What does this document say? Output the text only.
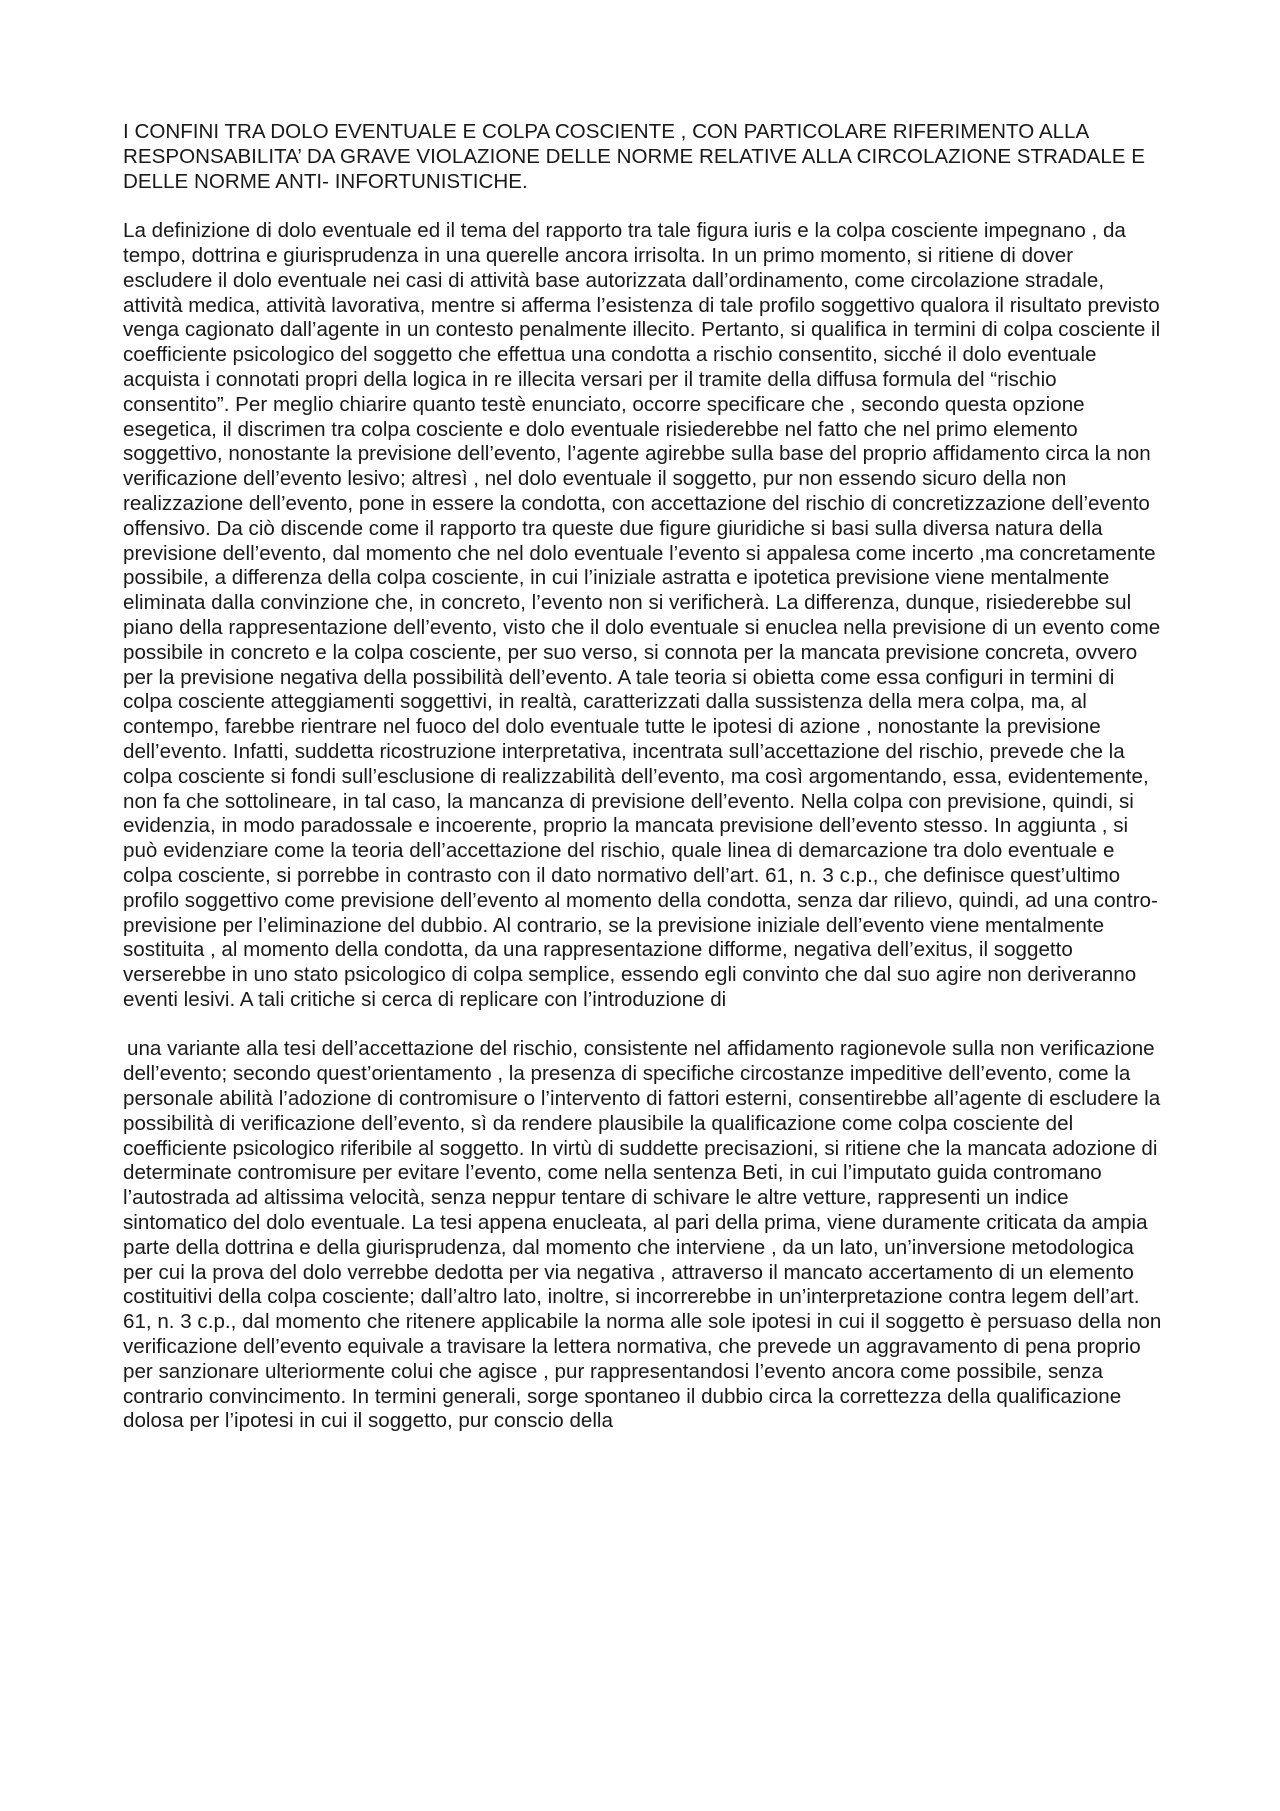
I CONFINI TRA DOLO EVENTUALE E COLPA COSCIENTE , CON PARTICOLARE RIFERIMENTO ALLA RESPONSABILITA’ DA GRAVE VIOLAZIONE DELLE NORME RELATIVE ALLA CIRCOLAZIONE STRADALE E DELLE NORME ANTI- INFORTUNISTICHE.

La definizione di dolo eventuale ed il tema del rapporto tra tale figura iuris e la colpa cosciente impegnano , da tempo, dottrina e giurisprudenza in una querelle ancora irrisolta. In un primo momento, si ritiene di dover escludere il dolo eventuale nei casi di attività base autorizzata dall’ordinamento, come circolazione stradale, attività medica, attività lavorativa, mentre si afferma l’esistenza di tale profilo soggettivo qualora il risultato previsto venga cagionato dall’agente in un contesto penalmente illecito. Pertanto, si qualifica in termini di colpa cosciente il coefficiente psicologico del soggetto che effettua una condotta a rischio consentito, sicché il dolo eventuale acquista i connotati propri della logica in re illecita versari per il tramite della diffusa formula del “rischio consentito”. Per meglio chiarire quanto testè enunciato, occorre specificare che , secondo questa opzione esegetica, il discrimen tra colpa cosciente e dolo eventuale risiederebbe nel fatto che nel primo elemento soggettivo, nonostante la previsione dell’evento, l’agente agirebbe sulla base del proprio affidamento circa la non verificazione dell’evento lesivo; altresì , nel dolo eventuale il soggetto, pur non essendo sicuro della non realizzazione dell’evento, pone in essere la condotta, con accettazione del rischio di concretizzazione dell’evento offensivo. Da ciò discende come il rapporto tra queste due figure giuridiche si basi sulla diversa natura della previsione dell’evento, dal momento che nel dolo eventuale l’evento si appalesa come incerto ,ma concretamente possibile, a differenza della colpa cosciente, in cui l’iniziale astratta e ipotetica previsione viene mentalmente eliminata dalla convinzione che, in concreto, l’evento non si verificherà. La differenza, dunque, risiederebbe sul piano della rappresentazione dell’evento, visto che il dolo eventuale si enuclea nella previsione di un evento come possibile in concreto e la colpa cosciente, per suo verso, si connota per la mancata previsione concreta, ovvero per la previsione negativa della possibilità dell’evento. A tale teoria si obietta come essa configuri in termini di colpa cosciente atteggiamenti soggettivi, in realtà, caratterizzati dalla sussistenza della mera colpa, ma, al contempo, farebbe rientrare nel fuoco del dolo eventuale tutte le ipotesi di azione , nonostante la previsione dell’evento. Infatti, suddetta ricostruzione interpretativa, incentrata sull’accettazione del rischio, prevede che la colpa cosciente si fondi sull’esclusione di realizzabilità dell’evento, ma così argomentando, essa, evidentemente, non fa che sottolineare, in tal caso, la mancanza di previsione dell’evento. Nella colpa con previsione, quindi, si evidenzia, in modo paradossale e incoerente, proprio la mancata previsione dell’evento stesso. In aggiunta , si può evidenziare come la teoria dell’accettazione del rischio, quale linea di demarcazione tra dolo eventuale e colpa cosciente, si porrebbe in contrasto con il dato normativo dell’art. 61, n. 3 c.p., che definisce quest’ultimo profilo soggettivo come previsione dell’evento al momento della condotta, senza dar rilievo, quindi, ad una contro-previsione per l’eliminazione del dubbio. Al contrario, se la previsione iniziale dell’evento viene mentalmente sostituita , al momento della condotta, da una rappresentazione difforme, negativa dell’exitus, il soggetto verserebbe in uno stato psicologico di colpa semplice, essendo egli convinto che dal suo agire non deriveranno eventi lesivi. A tali critiche si cerca di replicare con l’introduzione di

una variante alla tesi dell’accettazione del rischio, consistente nel affidamento ragionevole sulla non verificazione dell’evento; secondo quest’orientamento , la presenza di specifiche circostanze impeditive dell’evento, come la personale abilità l’adozione di contromisure o l’intervento di fattori esterni, consentirebbe all’agente di escludere la possibilità di verificazione dell’evento, sì da rendere plausibile la qualificazione come colpa cosciente del coefficiente psicologico riferibile al soggetto. In virtù di suddette precisazioni, si ritiene che la mancata adozione di determinate contromisure per evitare l’evento, come nella sentenza Beti, in cui l’imputato guida contromano l’autostrada ad altissima velocità, senza neppur tentare di schivare le altre vetture, rappresenti un indice sintomatico del dolo eventuale. La tesi appena enucleata, al pari della prima, viene duramente criticata da ampia parte della dottrina e della giurisprudenza, dal momento che interviene , da un lato, un’inversione metodologica per cui la prova del dolo verrebbe dedotta per via negativa , attraverso il mancato accertamento di un elemento costituitivi della colpa cosciente; dall’altro lato, inoltre, si incorrerebbe in un’interpretazione contra legem dell’art. 61, n. 3 c.p., dal momento che ritenere applicabile la norma alle sole ipotesi in cui il soggetto è persuaso della non verificazione dell’evento equivale a travisare la lettera normativa, che prevede un aggravamento di pena proprio per sanzionare ulteriormente colui che agisce , pur rappresentandosi l’evento ancora come possibile, senza contrario convincimento. In termini generali, sorge spontaneo il dubbio circa la correttezza della qualificazione dolosa per l’ipotesi in cui il soggetto, pur conscio della
